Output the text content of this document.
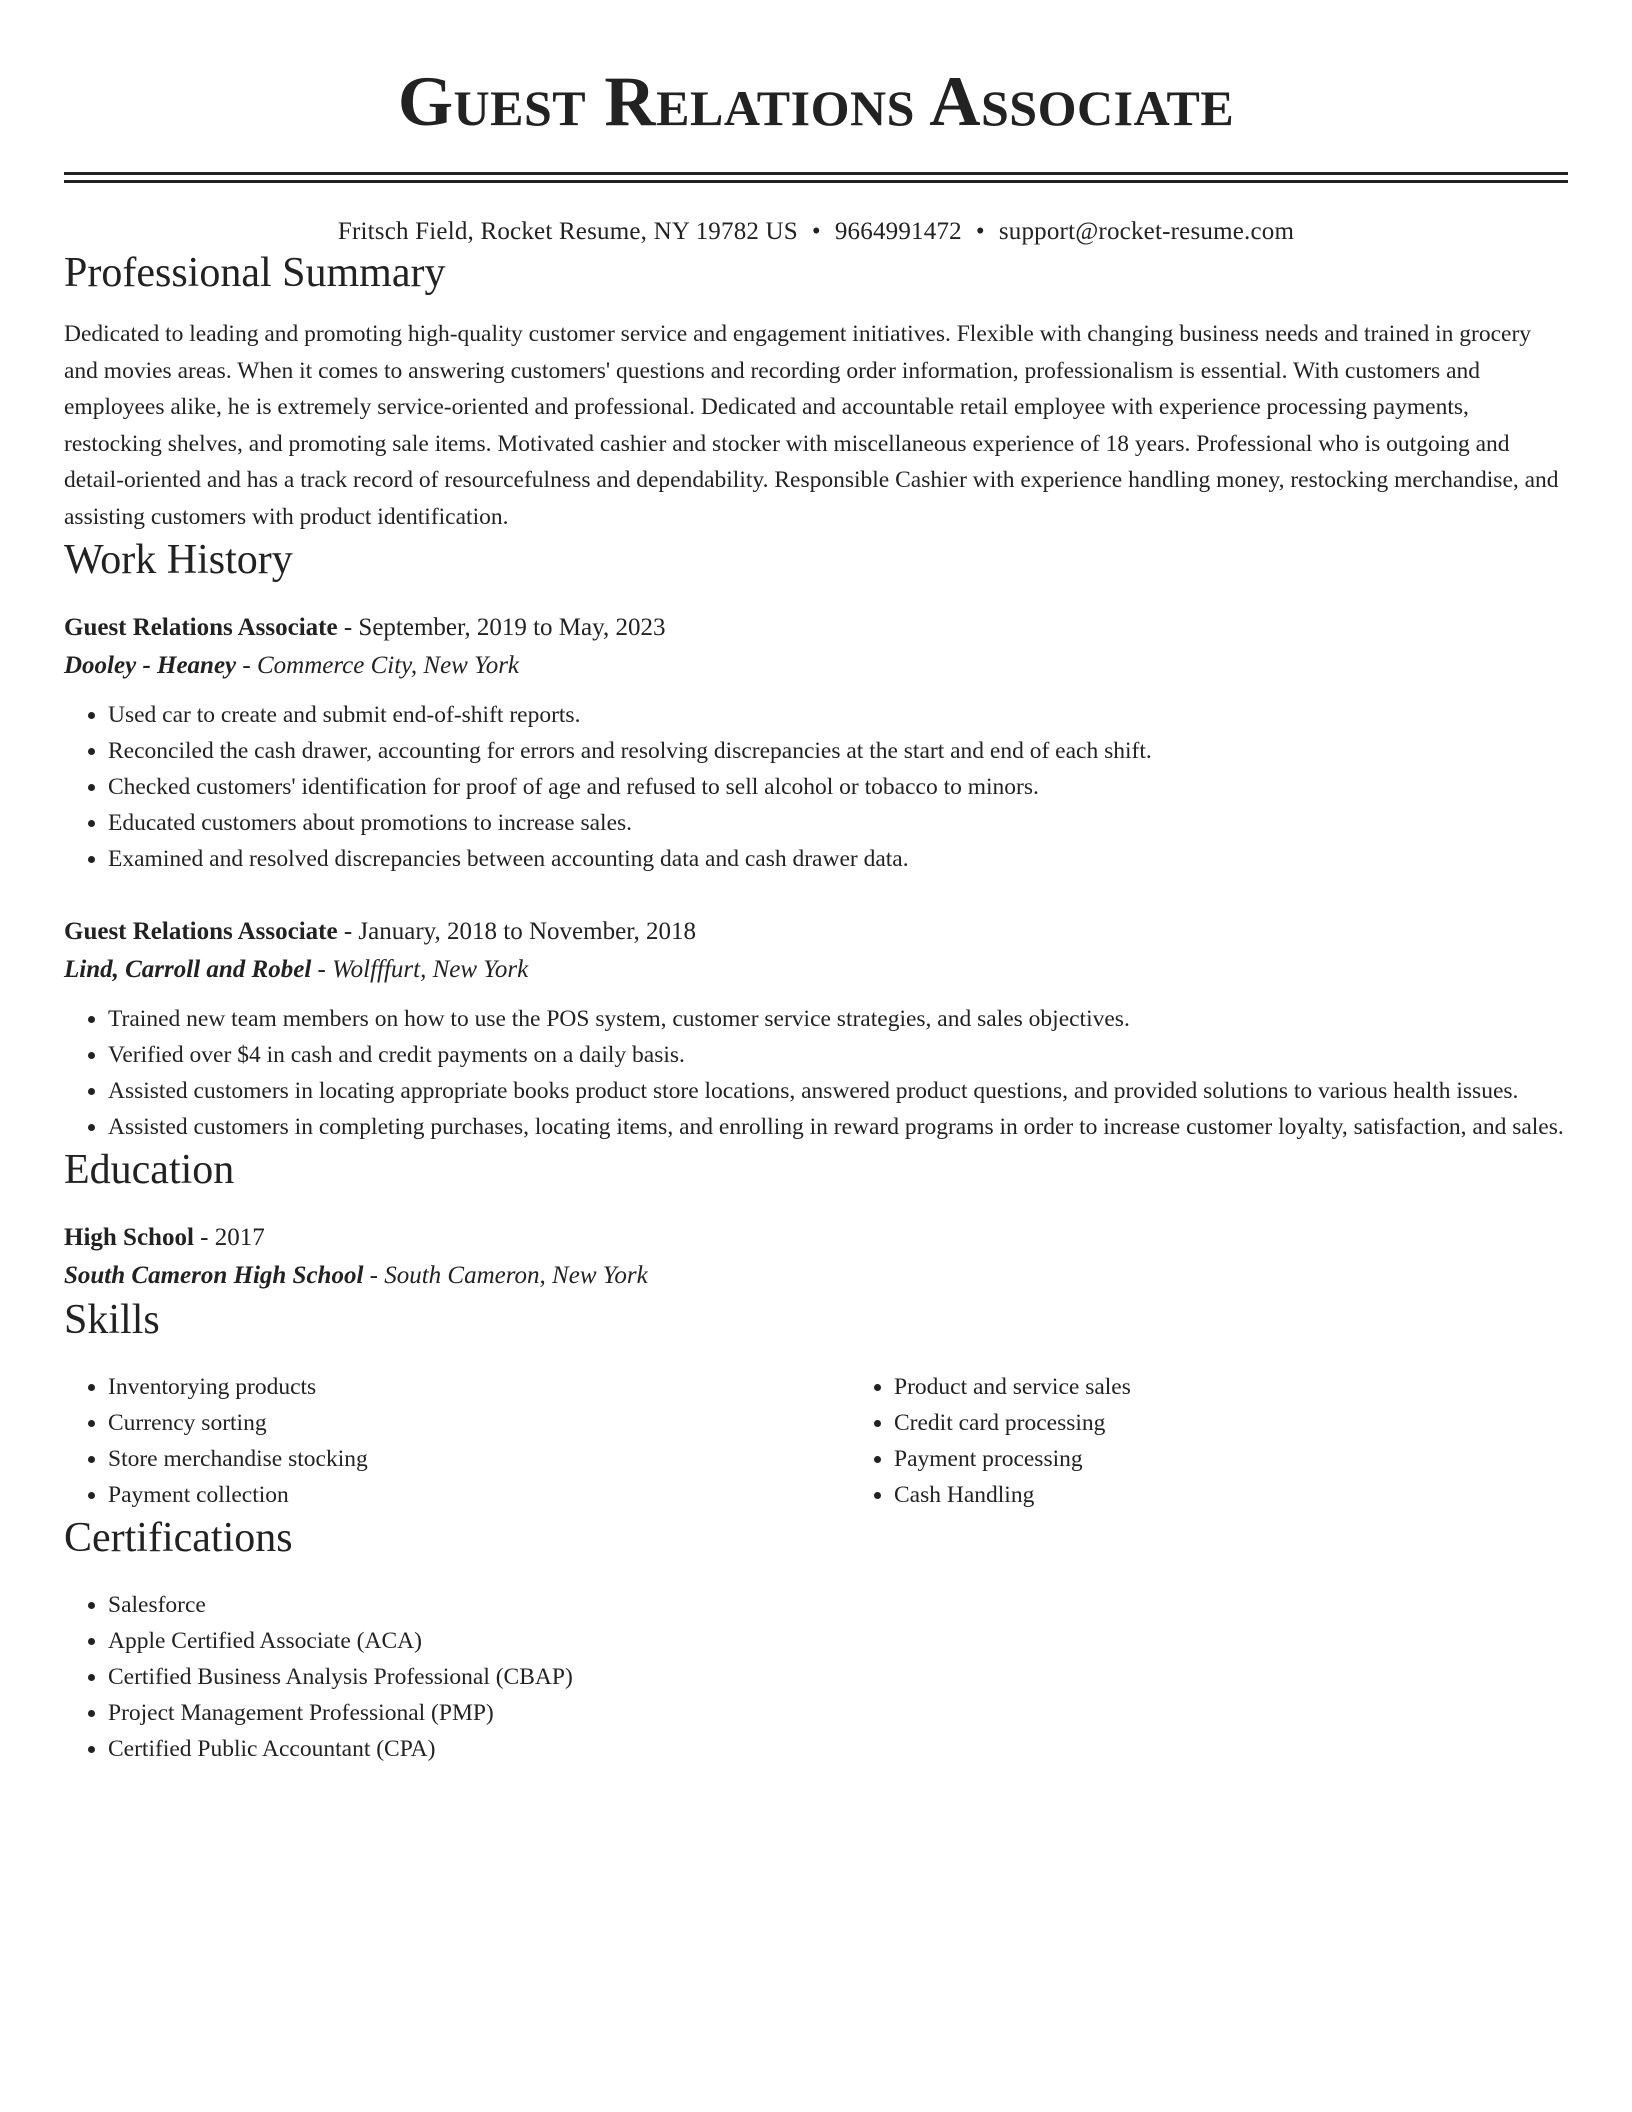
Guest Relations Associate
Fritsch Field, Rocket Resume, NY 19782 US • 9664991472 • support@rocket-resume.com
Professional Summary
Dedicated to leading and promoting high-quality customer service and engagement initiatives. Flexible with changing business needs and trained in grocery and movies areas. When it comes to answering customers' questions and recording order information, professionalism is essential. With customers and employees alike, he is extremely service-oriented and professional. Dedicated and accountable retail employee with experience processing payments, restocking shelves, and promoting sale items. Motivated cashier and stocker with miscellaneous experience of 18 years. Professional who is outgoing and detail-oriented and has a track record of resourcefulness and dependability. Responsible Cashier with experience handling money, restocking merchandise, and assisting customers with product identification.
Work History
Guest Relations Associate - September, 2019 to May, 2023
Dooley - Heaney - Commerce City, New York
• Used car to create and submit end-of-shift reports.
• Reconciled the cash drawer, accounting for errors and resolving discrepancies at the start and end of each shift.
• Checked customers' identification for proof of age and refused to sell alcohol or tobacco to minors.
• Educated customers about promotions to increase sales.
• Examined and resolved discrepancies between accounting data and cash drawer data.
Guest Relations Associate - January, 2018 to November, 2018
Lind, Carroll and Robel - Wolfffurt, New York
• Trained new team members on how to use the POS system, customer service strategies, and sales objectives.
• Verified over $4 in cash and credit payments on a daily basis.
• Assisted customers in locating appropriate books product store locations, answered product questions, and provided solutions to various health issues.
• Assisted customers in completing purchases, locating items, and enrolling in reward programs in order to increase customer loyalty, satisfaction, and sales.
Education
High School - 2017
South Cameron High School - South Cameron, New York
Skills
• Inventorying products
• Currency sorting
• Store merchandise stocking
• Payment collection
• Product and service sales
• Credit card processing
• Payment processing
• Cash Handling
Certifications
• Salesforce
• Apple Certified Associate (ACA)
• Certified Business Analysis Professional (CBAP)
• Project Management Professional (PMP)
• Certified Public Accountant (CPA)
